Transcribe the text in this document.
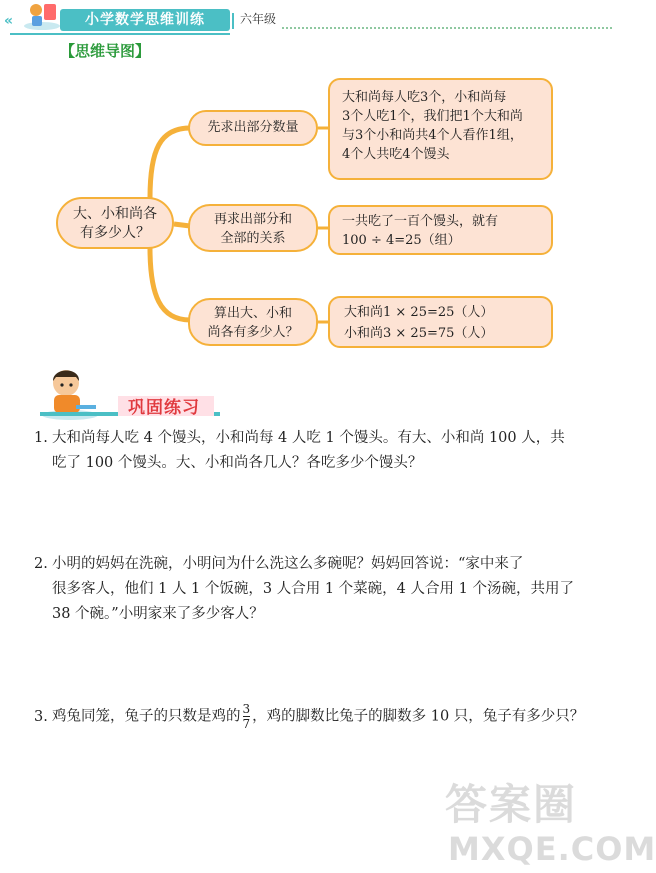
«	小学数学思维训练	六年级
【思维导图】
大、小和尚各
有多少人？
先求出部分数量
再求出部分和
全部的关系
算出大、小和
尚各有多少人？
大和尚每人吃3个，小和尚每
3个人吃1个，我们把1个大和尚
与3个小和尚共4个人看作1组，
4个人共吃4个馒头
一共吃了一百个馒头，就有
100 ÷ 4=25（组）
大和尚1 × 25=25（人）
小和尚3 × 25=75（人）
巩固练习
1. 大和尚每人吃 4 个馒头，小和尚每 4 人吃 1 个馒头。有大、小和尚 100 人，共
吃了 100 个馒头。大、小和尚各几人？各吃多少个馒头？
2. 小明的妈妈在洗碗，小明问为什么洗这么多碗呢？妈妈回答说：“家中来了
很多客人，他们 1 人 1 个饭碗，3 人合用 1 个菜碗，4 人合用 1 个汤碗，共用了
38 个碗。”小明家来了多少客人？
3. 鸡兔同笼，兔子的只数是鸡的 $\frac{3}{7}$ ，鸡的脚数比兔子的脚数多 10 只，兔子有多少只？
答案圈
MXQE.COM
